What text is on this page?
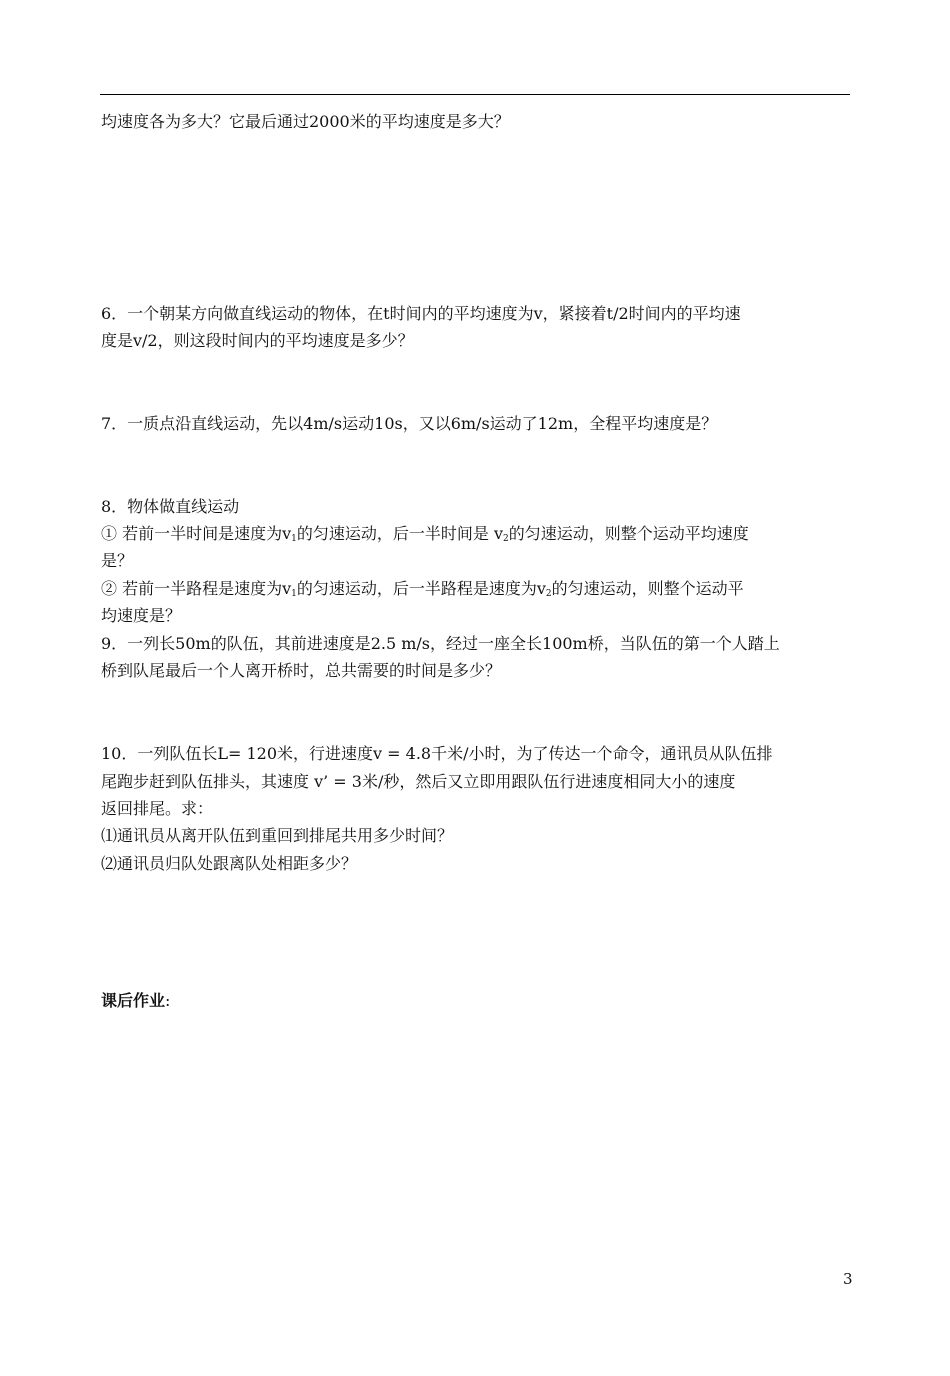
均速度各为多大？它最后通过2000米的平均速度是多大？
6．一个朝某方向做直线运动的物体，在t时间内的平均速度为v，紧接着t/2时间内的平均速
度是v/2，则这段时间内的平均速度是多少？
7．一质点沿直线运动，先以4m/s运动10s，又以6m/s运动了12m，全程平均速度是？
8．物体做直线运动
① 若前一半时间是速度为$v_1$的匀速运动，后一半时间是 $v_2$的匀速运动，则整个运动平均速度
是？
② 若前一半路程是速度为$v_1$的匀速运动，后一半路程是速度为$v_2$的匀速运动，则整个运动平
均速度是？
9．一列长50m的队伍，其前进速度是2.5 m/s，经过一座全长100m桥，当队伍的第一个人踏上
桥到队尾最后一个人离开桥时，总共需要的时间是多少？
10．一列队伍长L= 120米，行进速度v = 4.8千米/小时，为了传达一个命令，通讯员从队伍排
尾跑步赶到队伍排头，其速度 v’ = 3米/秒，然后又立即用跟队伍行进速度相同大小的速度
返回排尾。求：
⑴通讯员从离开队伍到重回到排尾共用多少时间？
⑵通讯员归队处跟离队处相距多少？
课后作业:
3
